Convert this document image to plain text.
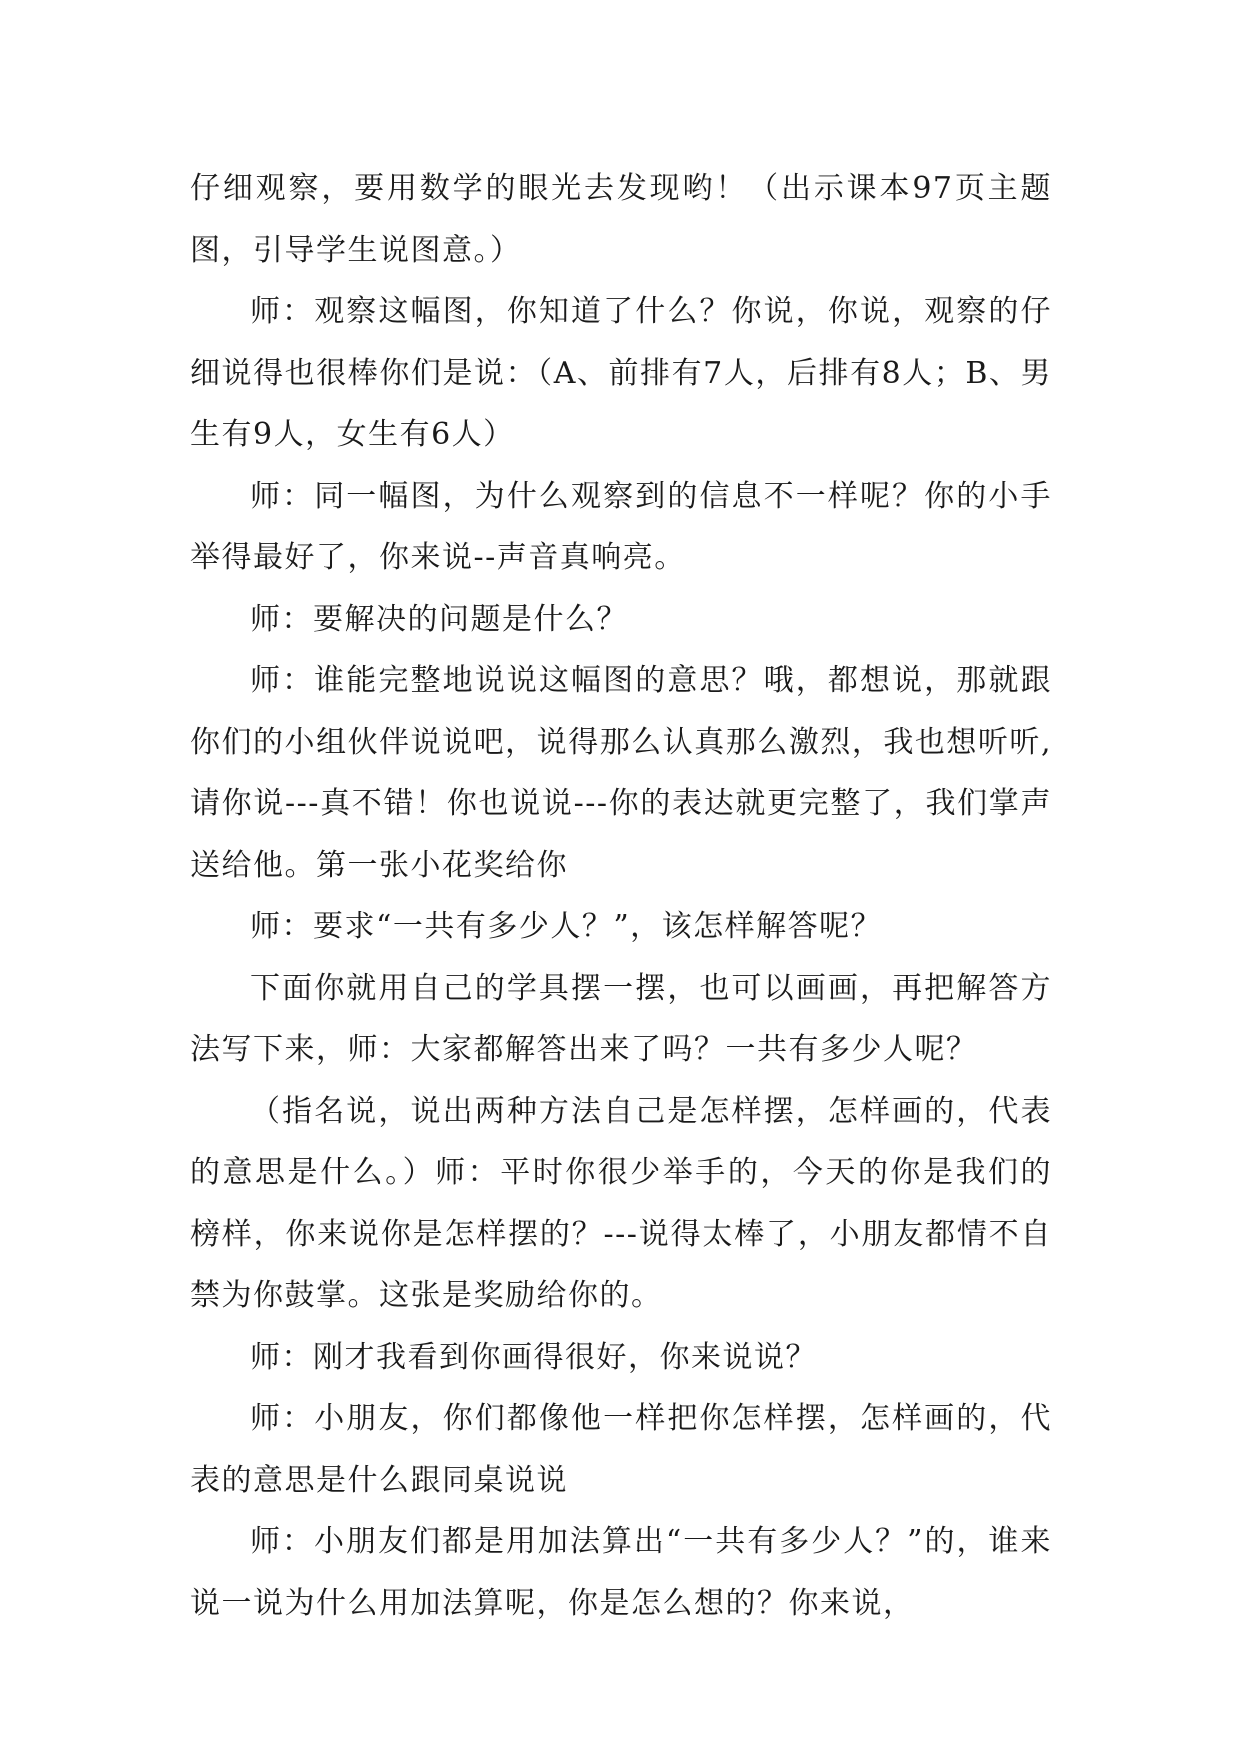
仔细观察，要用数学的眼光去发现哟！（出示课本97页主题图，引导学生说图意。）

师：观察这幅图，你知道了什么？你说，你说，观察的仔细说得也很棒你们是说：（A、前排有7人，后排有8人；B、男生有9人，女生有6人）

师：同一幅图，为什么观察到的信息不一样呢？你的小手举得最好了，你来说--声音真响亮。

师：要解决的问题是什么？

师：谁能完整地说说这幅图的意思？哦，都想说，那就跟你们的小组伙伴说说吧，说得那么认真那么激烈，我也想听听,请你说---真不错！你也说说---你的表达就更完整了，我们掌声送给他。第一张小花奖给你

师：要求“一共有多少人？”，该怎样解答呢？

下面你就用自己的学具摆一摆，也可以画画，再把解答方法写下来，师：大家都解答出来了吗？一共有多少人呢？

（指名说，说出两种方法自己是怎样摆，怎样画的，代表的意思是什么。）师：平时你很少举手的，今天的你是我们的榜样，你来说你是怎样摆的？---说得太棒了，小朋友都情不自禁为你鼓掌。这张是奖励给你的。

师：刚才我看到你画得很好，你来说说？

师：小朋友，你们都像他一样把你怎样摆，怎样画的，代表的意思是什么跟同桌说说

师：小朋友们都是用加法算出“一共有多少人？”的，谁来说一说为什么用加法算呢，你是怎么想的？你来说，
